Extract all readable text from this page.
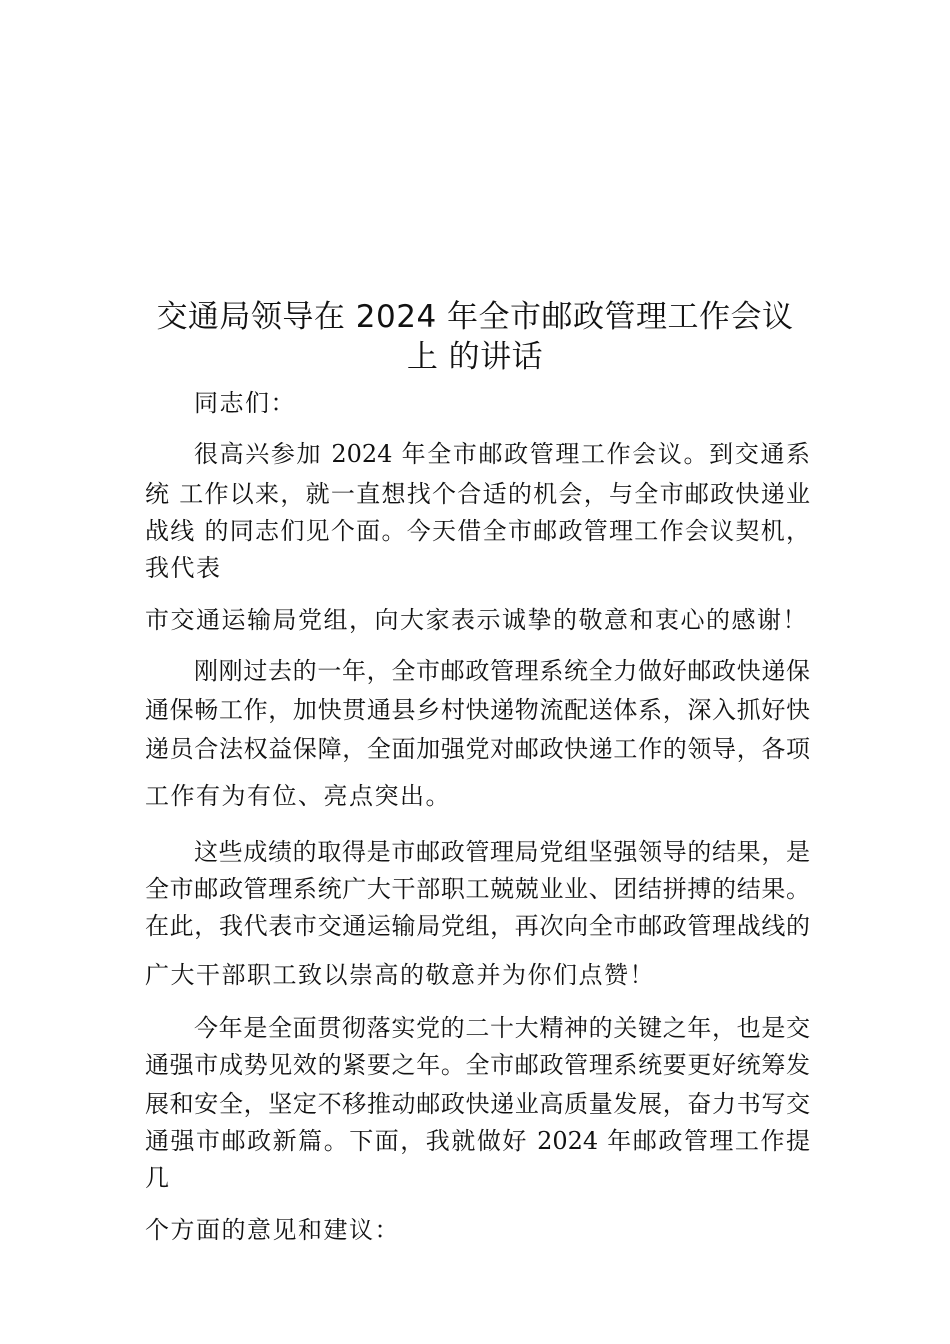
交通局领导在 2024 年全市邮政管理工作会议
上 的讲话
同志们：
很高兴参加 2024 年全市邮政管理工作会议。到交通系
统 工作以来，就一直想找个合适的机会，与全市邮政快递业
战线 的同志们见个面。今天借全市邮政管理工作会议契机，
我代表
市交通运输局党组，向大家表示诚挚的敬意和衷心的感谢！
刚刚过去的一年，全市邮政管理系统全力做好邮政快递保
通保畅工作，加快贯通县乡村快递物流配送体系，深入抓好快
递员合法权益保障，全面加强党对邮政快递工作的领导，各项
工作有为有位、亮点突出。
这些成绩的取得是市邮政管理局党组坚强领导的结果，是
全市邮政管理系统广大干部职工兢兢业业、团结拼搏的结果。
在此，我代表市交通运输局党组，再次向全市邮政管理战线的
广大干部职工致以崇高的敬意并为你们点赞！
今年是全面贯彻落实党的二十大精神的关键之年，也是交
通强市成势见效的紧要之年。全市邮政管理系统要更好统筹发
展和安全，坚定不移推动邮政快递业高质量发展，奋力书写交
通强市邮政新篇。下面，我就做好 2024 年邮政管理工作提
几
个方面的意见和建议：
